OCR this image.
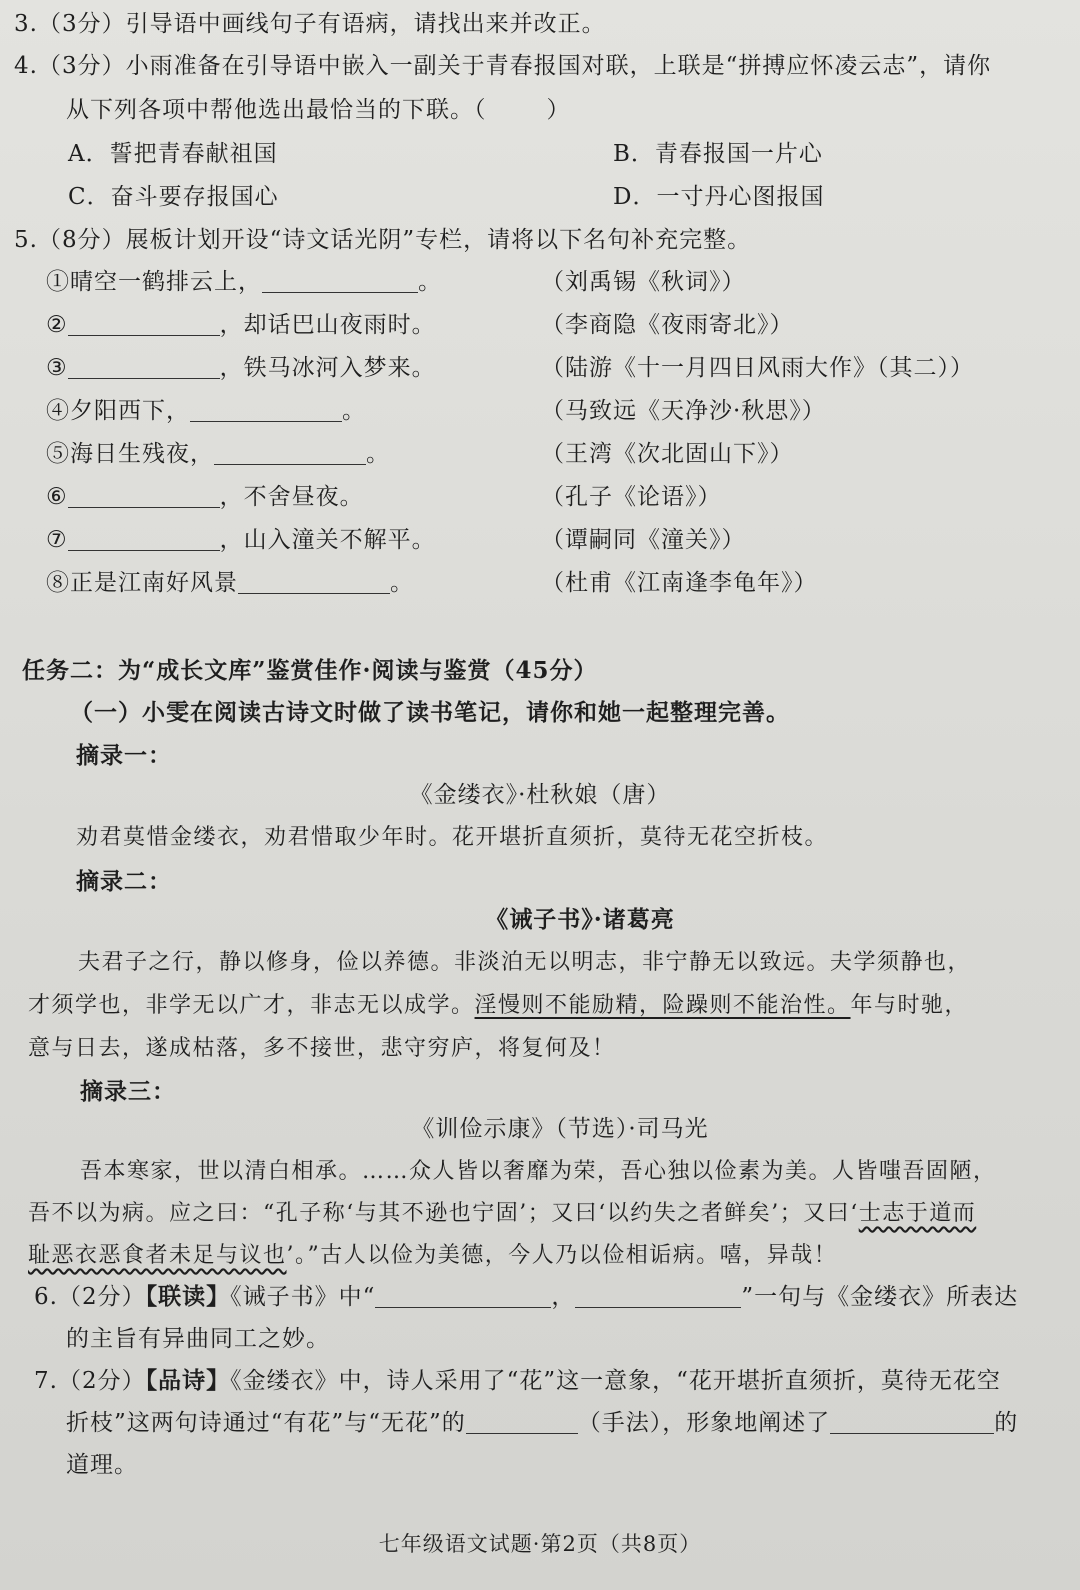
3.（3分）引导语中画线句子有语病，请找出来并改正。
4.（3分）小雨准备在引导语中嵌入一副关于青春报国对联，上联是“拼搏应怀凌云志”，请你
从下列各项中帮他选出最恰当的下联。（	）
A．誓把青春献祖国	B．青春报国一片心
C．奋斗要存报国心	D．一寸丹心图报国
5.（8分）展板计划开设“诗文话光阴”专栏，请将以下名句补充完整。
①晴空一鹤排云上，	。	（刘禹锡《秋词》）
②	，却话巴山夜雨时。	（李商隐《夜雨寄北》）
③	，铁马冰河入梦来。	（陆游《十一月四日风雨大作》（其二））
④夕阳西下，	。	（马致远《天净沙·秋思》）
⑤海日生残夜，	。	（王湾《次北固山下》）
⑥	，不舍昼夜。	（孔子《论语》）
⑦	，山入潼关不解平。	（谭嗣同《潼关》）
⑧正是江南好风景	。	（杜甫《江南逢李龟年》）
任务二：为“成长文库”鉴赏佳作·阅读与鉴赏（45分）
（一）小雯在阅读古诗文时做了读书笔记，请你和她一起整理完善。
摘录一：
《金缕衣》·杜秋娘（唐）
劝君莫惜金缕衣，劝君惜取少年时。花开堪折直须折，莫待无花空折枝。
摘录二：
《诫子书》·诸葛亮
夫君子之行，静以修身，俭以养德。非淡泊无以明志，非宁静无以致远。夫学须静也，
才须学也，非学无以广才，非志无以成学。淫慢则不能励精，险躁则不能治性。年与时驰，
意与日去，遂成枯落，多不接世，悲守穷庐，将复何及！
摘录三：
《训俭示康》（节选）·司马光
吾本寒家，世以清白相承。……众人皆以奢靡为荣，吾心独以俭素为美。人皆嗤吾固陋，
吾不以为病。应之曰：“孔子称‘与其不逊也宁固’；又曰‘以约失之者鲜矣’；又曰‘士志于道而
耻恶衣恶食者未足与议也’。”古人以俭为美德，今人乃以俭相诟病。嘻，异哉！
6.（2分）【联读】《诫子书》中“	，	”一句与《金缕衣》所表达
的主旨有异曲同工之妙。
7.（2分）【品诗】《金缕衣》中，诗人采用了“花”这一意象，“花开堪折直须折，莫待无花空
折枝”这两句诗通过“有花”与“无花”的	（手法），形象地阐述了	的
道理。
七年级语文试题·第2页（共8页）
